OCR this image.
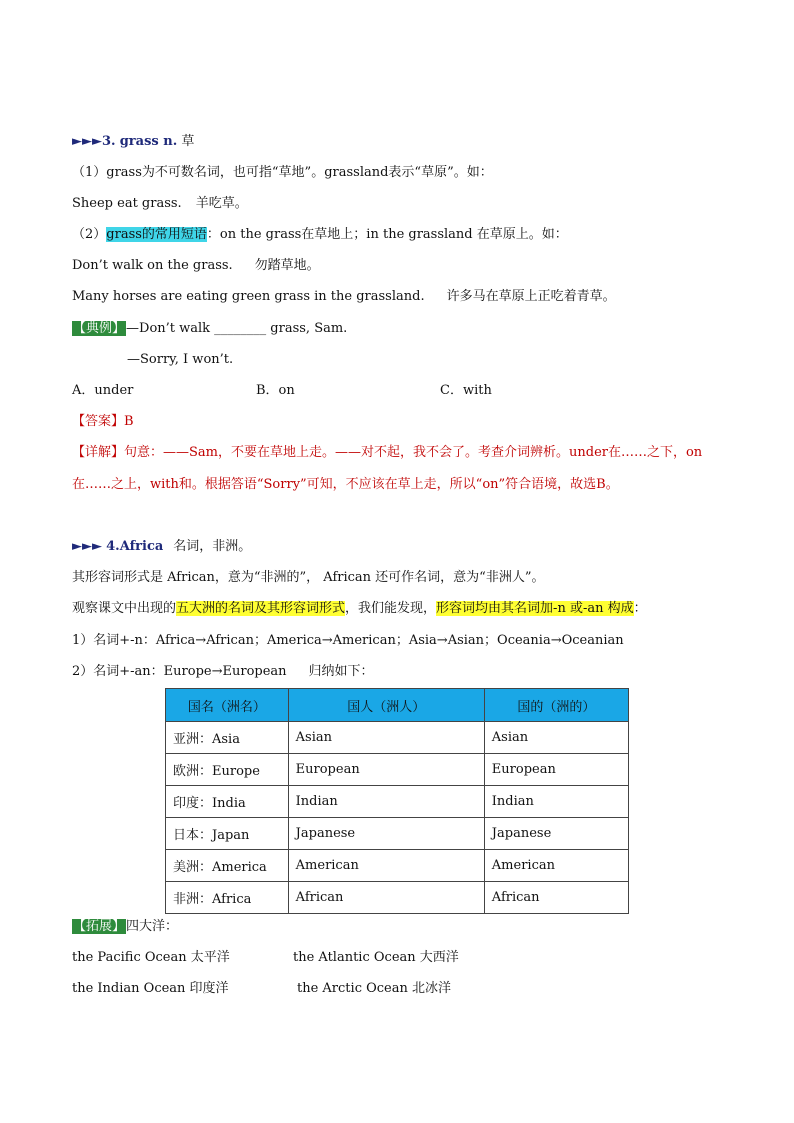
►►►3. grass n. 草
（1）grass为不可数名词，也可指“草地”。grassland表示“草原”。如：
Sheep eat grass. 羊吃草。
（2）grass的常用短语：on the grass在草地上；in the grassland 在草原上。如：
Don’t walk on the grass. 勿踏草地。
Many horses are eating green grass in the grassland. 许多马在草原上正吃着青草。
【典例】—Don’t walk ________ grass, Sam.
—Sorry, I won’t.
A．under	B．on	C．with
【答案】B
【详解】句意：——Sam，不要在草地上走。——对不起，我不会了。考查介词辨析。under在……之下，on
在……之上，with和。根据答语“Sorry”可知，不应该在草上走，所以“on”符合语境，故选B。
►►► 4.Africa 名词，非洲。
其形容词形式是 African，意为“非洲的”， African 还可作名词，意为“非洲人”。
观察课文中出现的五大洲的名词及其形容词形式，我们能发现，形容词均由其名词加-n 或-an 构成：
1）名词+-n：Africa→African；America→American；Asia→Asian；Oceania→Oceanian
2）名词+-an：Europe→European 归纳如下：
国名（洲名）	国人（洲人）	国的（洲的）
亚洲：Asia	Asian	Asian
欧洲：Europe	European	European
印度：India	Indian	Indian
日本：Japan	Japanese	Japanese
美洲：America	American	American
非洲：Africa	African	African
【拓展】四大洋：
the Pacific Ocean 太平洋	the Atlantic Ocean 大西洋
the Indian Ocean 印度洋	the Arctic Ocean 北冰洋
